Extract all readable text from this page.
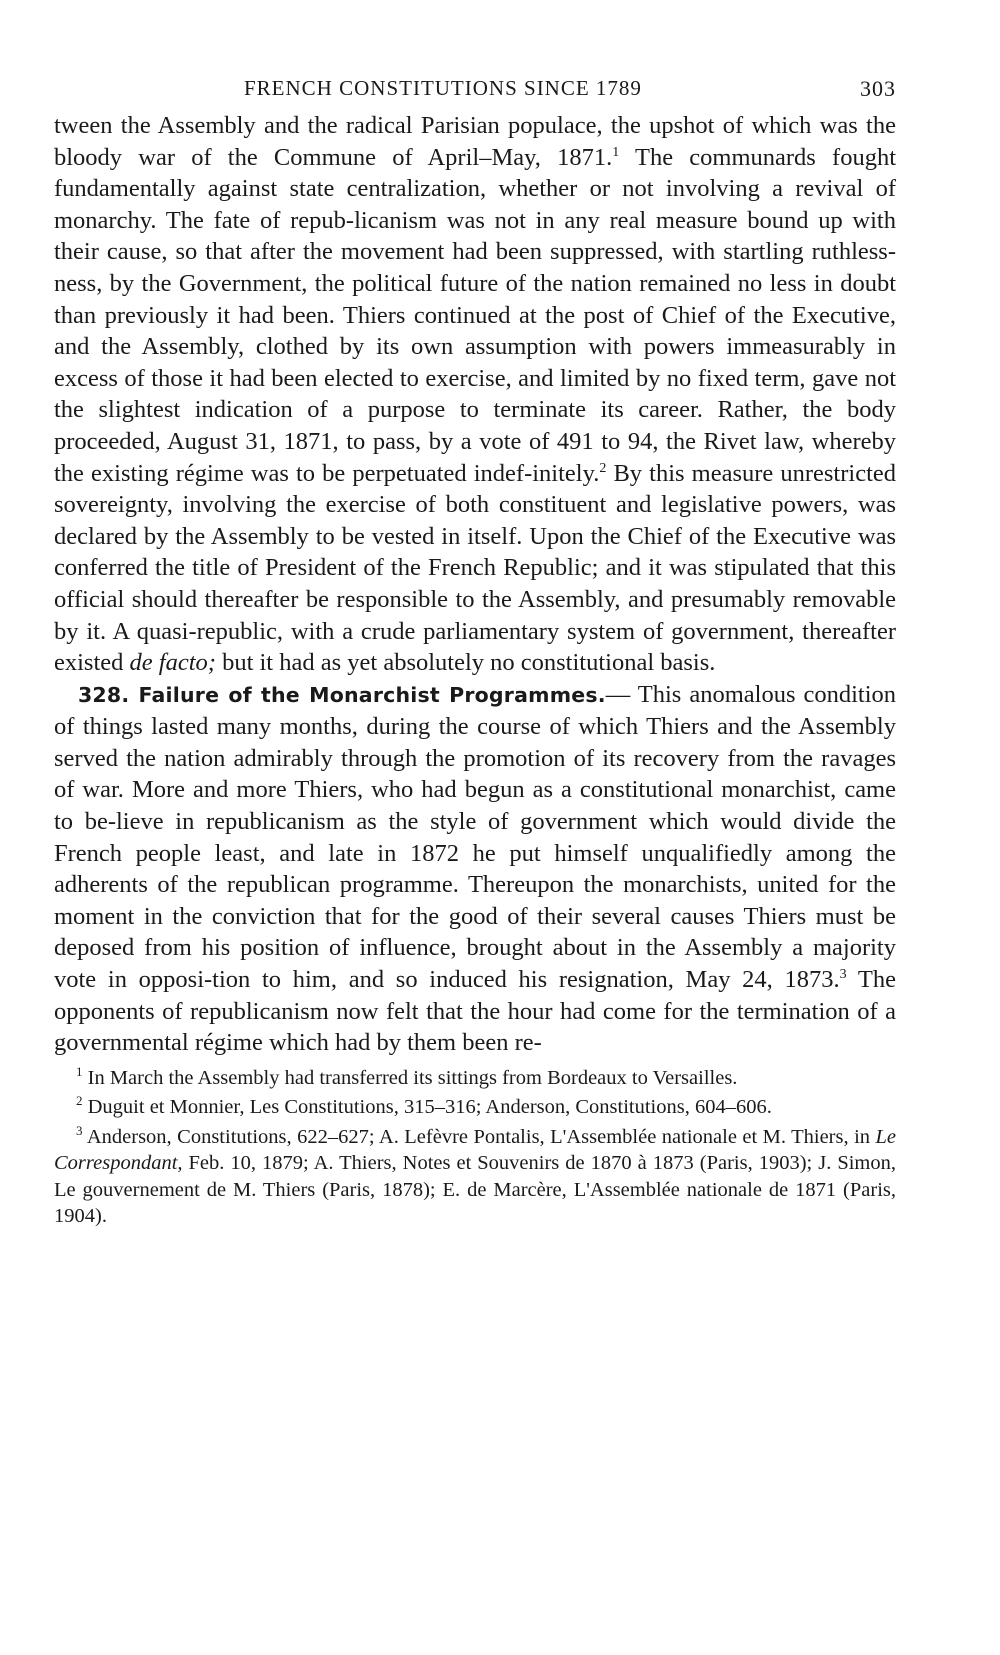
FRENCH CONSTITUTIONS SINCE 1789	303

tween the Assembly and the radical Parisian populace, the upshot of which was the bloody war of the Commune of April–May, 1871.$^1$ The communards fought fundamentally against state centralization, whether or not involving a revival of monarchy. The fate of repub-licanism was not in any real measure bound up with their cause, so that after the movement had been suppressed, with startling ruthless-ness, by the Government, the political future of the nation remained no less in doubt than previously it had been. Thiers continued at the post of Chief of the Executive, and the Assembly, clothed by its own assumption with powers immeasurably in excess of those it had been elected to exercise, and limited by no fixed term, gave not the slightest indication of a purpose to terminate its career. Rather, the body proceeded, August 31, 1871, to pass, by a vote of 491 to 94, the Rivet law, whereby the existing régime was to be perpetuated indef-initely.$^2$ By this measure unrestricted sovereignty, involving the exercise of both constituent and legislative powers, was declared by the Assembly to be vested in itself. Upon the Chief of the Executive was conferred the title of President of the French Republic; and it was stipulated that this official should thereafter be responsible to the Assembly, and presumably removable by it. A quasi-republic, with a crude parliamentary system of government, thereafter existed de facto; but it had as yet absolutely no constitutional basis.

328. Failure of the Monarchist Programmes.— This anomalous condition of things lasted many months, during the course of which Thiers and the Assembly served the nation admirably through the promotion of its recovery from the ravages of war. More and more Thiers, who had begun as a constitutional monarchist, came to be-lieve in republicanism as the style of government which would divide the French people least, and late in 1872 he put himself unqualifiedly among the adherents of the republican programme. Thereupon the monarchists, united for the moment in the conviction that for the good of their several causes Thiers must be deposed from his position of influence, brought about in the Assembly a majority vote in opposi-tion to him, and so induced his resignation, May 24, 1873.$^3$ The opponents of republicanism now felt that the hour had come for the termination of a governmental régime which had by them been re-

$^1$ In March the Assembly had transferred its sittings from Bordeaux to Versailles.

$^2$ Duguit et Monnier, Les Constitutions, 315–316; Anderson, Constitutions, 604–606.

$^3$ Anderson, Constitutions, 622–627; A. Lefèvre Pontalis, L'Assemblée nationale et M. Thiers, in Le Correspondant, Feb. 10, 1879; A. Thiers, Notes et Souvenirs de 1870 à 1873 (Paris, 1903); J. Simon, Le gouvernement de M. Thiers (Paris, 1878); E. de Marcère, L'Assemblée nationale de 1871 (Paris, 1904).
